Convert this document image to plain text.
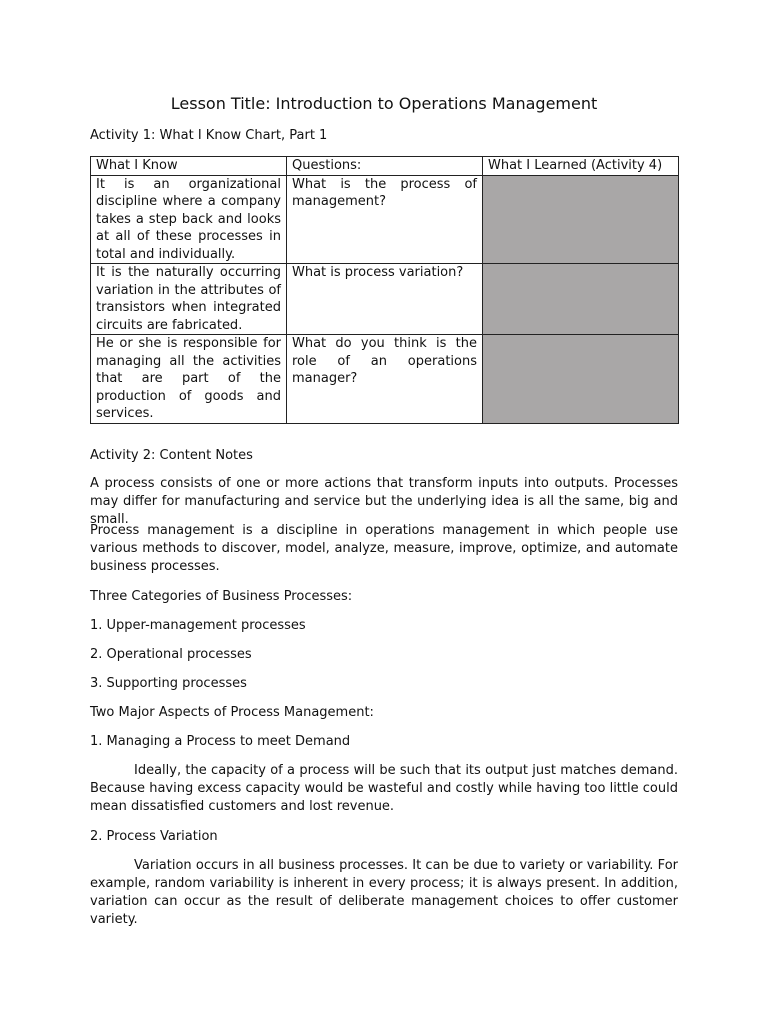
Lesson Title: Introduction to Operations Management

Activity 1: What I Know Chart, Part 1

What I Know	Questions:	What I Learned (Activity 4)
It is an organizational discipline where a company takes a step back and looks at all of these processes in total and individually.	What is the process of management?	
It is the naturally occurring variation in the attributes of transistors when integrated circuits are fabricated.	What is process variation?	
He or she is responsible for managing all the activities that are part of the production of goods and services.	What do you think is the role of an operations manager?	

Activity 2: Content Notes

A process consists of one or more actions that transform inputs into outputs. Processes may differ for manufacturing and service but the underlying idea is all the same, big and small.

Process management is a discipline in operations management in which people use various methods to discover, model, analyze, measure, improve, optimize, and automate business processes.

Three Categories of Business Processes:

1. Upper-management processes

2. Operational processes

3. Supporting processes

Two Major Aspects of Process Management:

1. Managing a Process to meet Demand

Ideally, the capacity of a process will be such that its output just matches demand. Because having excess capacity would be wasteful and costly while having too little could mean dissatisfied customers and lost revenue.

2. Process Variation

Variation occurs in all business processes. It can be due to variety or variability. For example, random variability is inherent in every process; it is always present. In addition, variation can occur as the result of deliberate management choices to offer customer variety.
